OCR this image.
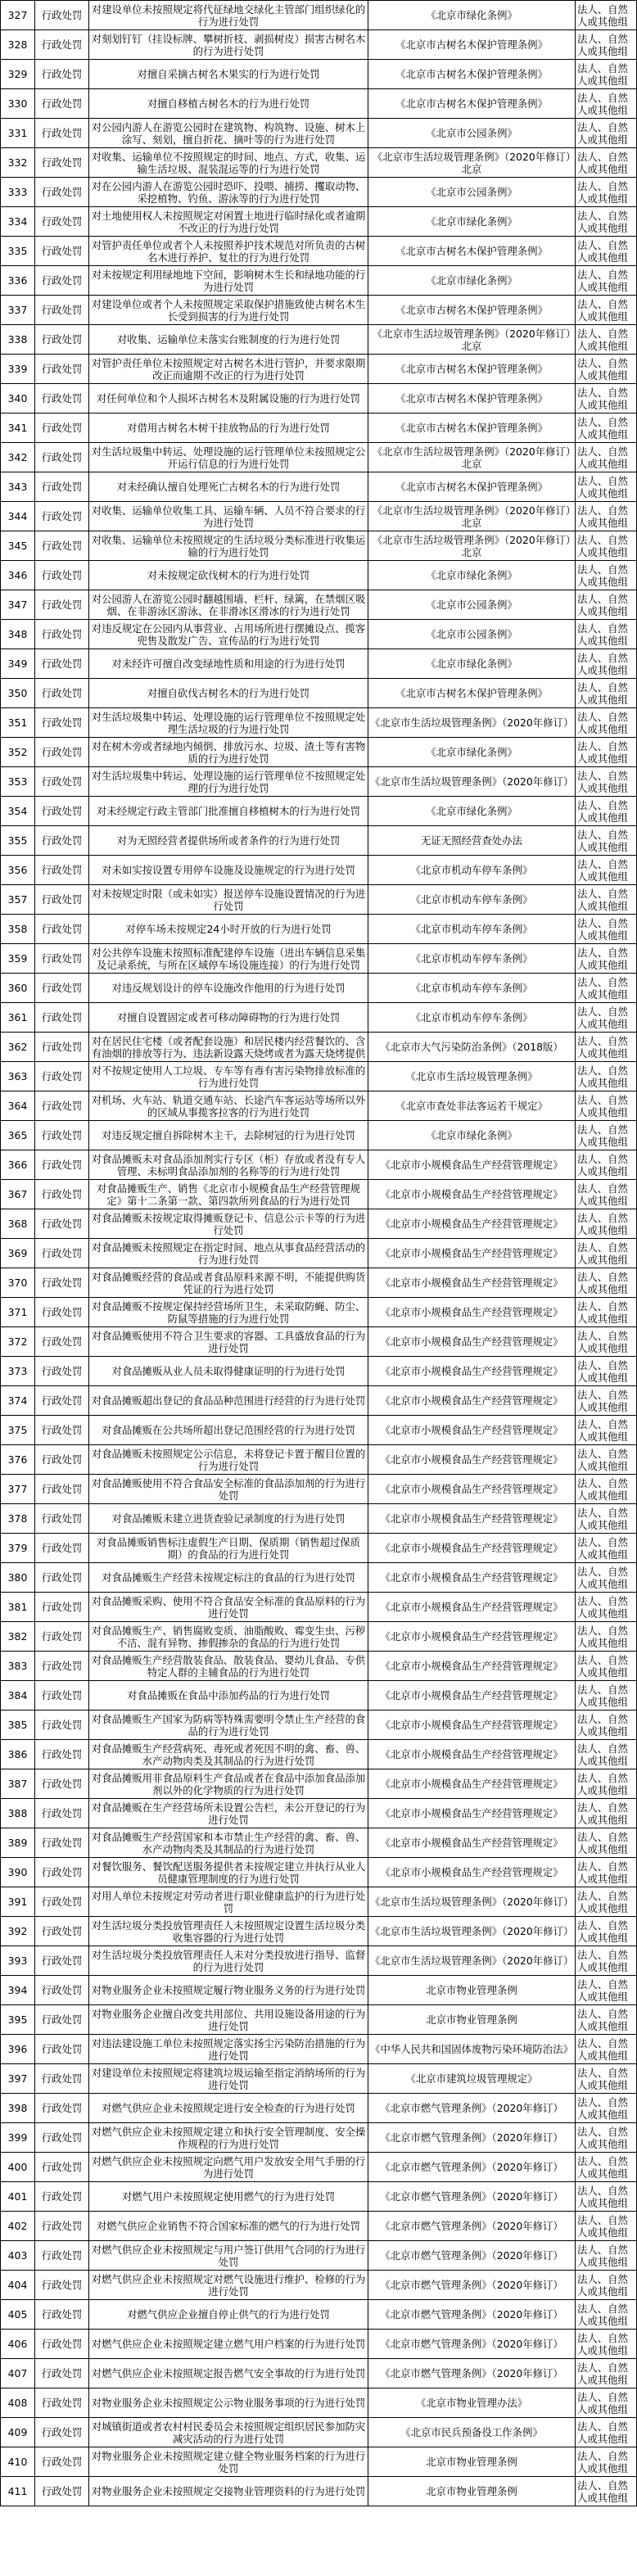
327	行政处罚	对建设单位未按照规定将代征绿地交绿化主管部门组织绿化的行为进行处罚	《北京市绿化条例》	法人、自然人或其他组

328	行政处罚	对刻划钉钉（挂设标牌、攀树折枝、剥损树皮）损害古树名木的行为进行处罚	《北京市古树名木保护管理条例》	法人、自然人或其他组

329	行政处罚	对擅自采摘古树名木果实的行为进行处罚	《北京市古树名木保护管理条例》	法人、自然人或其他组

330	行政处罚	对擅自移植古树名木的行为进行处罚	《北京市古树名木保护管理条例》	法人、自然人或其他组

331	行政处罚	对公园内游人在游览公园时在建筑物、构筑物、设施、树木上涂写、刻划，擅自折花、摘叶等的行为进行处罚	《北京市公园条例》	法人、自然人或其他组

332	行政处罚	对收集、运输单位不按照规定的时间、地点、方式，收集、运输生活垃圾、混装混运等的行为进行处罚	《北京市生活垃圾管理条例》（2020年修订）北京	法人、自然人或其他组

333	行政处罚	对在公园内游人在游览公园时恐吓、投喂、捕捞、攫取动物、采挖植物、钓鱼、游泳等的行为进行处罚	《北京市公园条例》	法人、自然人或其他组

334	行政处罚	对土地使用权人未按照规定对闲置土地进行临时绿化或者逾期不改正的行为进行处罚	《北京市绿化条例》	法人、自然人或其他组

335	行政处罚	对管护责任单位或者个人未按照养护技术规范对所负责的古树名木进行养护、复壮的行为进行处罚	《北京市古树名木保护管理条例》	法人、自然人或其他组

336	行政处罚	对未按规定利用绿地地下空间，影响树木生长和绿地功能的行为进行处罚	《北京市绿化条例》	法人、自然人或其他组

337	行政处罚	对建设单位或者个人未按照规定采取保护措施致使古树名木生长受到损害的行为进行处罚	《北京市古树名木保护管理条例》	法人、自然人或其他组

338	行政处罚	对收集、运输单位未落实台账制度的行为进行处罚	《北京市生活垃圾管理条例》（2020年修订）北京	法人、自然人或其他组

339	行政处罚	对管护责任单位未按照规定对古树名木进行管护，并要求限期改正而逾期不改正的行为进行处罚	《北京市古树名木保护管理条例》	法人、自然人或其他组

340	行政处罚	对任何单位和个人损坏古树名木及附属设施的行为进行处罚	《北京市古树名木保护管理条例》	法人、自然人或其他组

341	行政处罚	对借用古树名木树干挂放物品的行为进行处罚	《北京市古树名木保护管理条例》	法人、自然人或其他组

342	行政处罚	对生活垃圾集中转运、处理设施的运行管理单位未按照规定公开运行信息的行为进行处罚	《北京市生活垃圾管理条例》（2020年修订）北京	法人、自然人或其他组

343	行政处罚	对未经确认擅自处理死亡古树名木的行为进行处罚	《北京市古树名木保护管理条例》	法人、自然人或其他组

344	行政处罚	对收集、运输单位收集工具、运输车辆、人员不符合要求的行为进行处罚	《北京市生活垃圾管理条例》（2020年修订）北京	法人、自然人或其他组

345	行政处罚	对收集、运输单位未按照规定的生活垃圾分类标准进行收集运输的行为进行处罚	《北京市生活垃圾管理条例》（2020年修订）北京	法人、自然人或其他组

346	行政处罚	对未按规定砍伐树木的行为进行处罚	《北京市绿化条例》	法人、自然人或其他组

347	行政处罚	对公园游人在游览公园时翻越围墙、栏杆、绿篱，在禁烟区吸烟、在非游泳区游泳、在非滑冰区滑冰的行为进行处罚	《北京市公园条例》	法人、自然人或其他组

348	行政处罚	对违反规定在公园内从事营业、占用场所进行摆摊设点、揽客兜售及散发广告、宣传品的行为进行处罚	《北京市公园条例》	法人、自然人或其他组

349	行政处罚	对未经许可擅自改变绿地性质和用途的行为进行处罚	《北京市绿化条例》	法人、自然人或其他组

350	行政处罚	对擅自砍伐古树名木的行为进行处罚	《北京市古树名木保护管理条例》	法人、自然人或其他组

351	行政处罚	对生活垃圾集中转运、处理设施的运行管理单位不按照规定处理生活垃圾的行为进行处罚	《北京市生活垃圾管理条例》（2020年修订）	法人、自然人或其他组

352	行政处罚	对在树木旁或者绿地内倾倒、排放污水、垃圾、渣土等有害物质的行为进行处罚	《北京市绿化条例》	法人、自然人或其他组

353	行政处罚	对生活垃圾集中转运、处理设施的运行管理单位不按照规定处理的行为进行处罚	《北京市生活垃圾管理条例》（2020年修订）	法人、自然人或其他组

354	行政处罚	对未经规定行政主管部门批准擅自移植树木的行为进行处罚	《北京市绿化条例》	法人、自然人或其他组

355	行政处罚	对为无照经营者提供场所或者条件的行为进行处罚	无证无照经营查处办法	法人、自然人或其他组

356	行政处罚	对未如实按设置专用停车设施及设施规定的行为进行处罚	《北京市机动车停车条例》	法人、自然人或其他组

357	行政处罚	对未按规定时限（或未如实）报送停车设施设置情况的行为进行处罚	《北京市机动车停车条例》	法人、自然人或其他组

358	行政处罚	对停车场未按规定24小时开放的行为进行处罚	《北京市机动车停车条例》	法人、自然人或其他组

359	行政处罚	对公共停车设施未按照标准配建停车设施（进出车辆信息采集及记录系统，与所在区域停车场设施连接）的行为进行处罚	《北京市机动车停车条例》	法人、自然人或其他组

360	行政处罚	对违反规划设计的停车设施改作他用的行为进行处罚	《北京市机动车停车条例》	法人、自然人或其他组

361	行政处罚	对擅自设置固定或者可移动障碍物的行为进行处罚	《北京市机动车停车条例》	法人、自然人或其他组

362	行政处罚	对在居民住宅楼（或者配套设施）和居民楼内经营餐饮的、含有油烟的排放等行为、违法新设露天烧烤或者为露天烧烤提供	《北京市大气污染防治条例》（2018版）	法人、自然人或其他组

363	行政处罚	对不按规定使用人工垃圾、专车等有毒有害污染物排放标准的行为进行处罚	《北京市生活垃圾管理条例》	法人、自然人或其他组

364	行政处罚	对机场、火车站、轨道交通车站、长途汽车客运站等场所以外的区域从事揽客拉客的行为进行处罚	《北京市查处非法客运若干规定》	法人、自然人或其他组

365	行政处罚	对违反规定擅自拆除树木主干，去除树冠的行为进行处罚	《北京市绿化条例》	法人、自然人或其他组

366	行政处罚	对食品摊贩未对食品添加剂实行专区（柜）存放或者没有专人管理、未标明食品添加剂的名称等的行为进行处罚	《北京市小规模食品生产经营管理规定》	法人、自然人或其他组

367	行政处罚	对食品摊贩生产、销售《北京市小规模食品生产经营管理规定》第十二条第一款、第四款所列食品的行为进行处罚	《北京市小规模食品生产经营管理规定》	法人、自然人或其他组

368	行政处罚	对食品摊贩未按规定取得摊贩登记卡、信息公示卡等的行为进行处罚	《北京市小规模食品生产经营管理规定》	法人、自然人或其他组

369	行政处罚	对食品摊贩未按照规定在指定时间、地点从事食品经营活动的行为进行处罚	《北京市小规模食品生产经营管理规定》	法人、自然人或其他组

370	行政处罚	对食品摊贩经营的食品或者食品原料来源不明，不能提供购货凭证的行为进行处罚	《北京市小规模食品生产经营管理规定》	法人、自然人或其他组

371	行政处罚	对食品摊贩不按规定保持经营场所卫生，未采取防蝇、防尘、防鼠等措施的行为进行处罚	《北京市小规模食品生产经营管理规定》	法人、自然人或其他组

372	行政处罚	对食品摊贩使用不符合卫生要求的容器、工具盛放食品的行为进行处罚	《北京市小规模食品生产经营管理规定》	法人、自然人或其他组

373	行政处罚	对食品摊贩从业人员未取得健康证明的行为进行处罚	《北京市小规模食品生产经营管理规定》	法人、自然人或其他组

374	行政处罚	对食品摊贩超出登记的食品品种范围进行经营的行为进行处罚	《北京市小规模食品生产经营管理规定》	法人、自然人或其他组

375	行政处罚	对食品摊贩在公共场所超出登记范围经营的行为进行处罚	《北京市小规模食品生产经营管理规定》	法人、自然人或其他组

376	行政处罚	对食品摊贩未按照规定公示信息，未将登记卡置于醒目位置的行为进行处罚	《北京市小规模食品生产经营管理规定》	法人、自然人或其他组

377	行政处罚	对食品摊贩使用不符合食品安全标准的食品添加剂的行为进行处罚	《北京市小规模食品生产经营管理规定》	法人、自然人或其他组

378	行政处罚	对食品摊贩未建立进货查验记录制度的行为进行处罚	《北京市小规模食品生产经营管理规定》	法人、自然人或其他组

379	行政处罚	对食品摊贩销售标注虚假生产日期、保质期（销售超过保质期）的食品的行为进行处罚	《北京市小规模食品生产经营管理规定》	法人、自然人或其他组

380	行政处罚	对食品摊贩生产经营未按规定标注的食品的行为进行处罚	《北京市小规模食品生产经营管理规定》	法人、自然人或其他组

381	行政处罚	对食品摊贩采购、使用不符合食品安全标准的食品原料的行为进行处罚	《北京市小规模食品生产经营管理规定》	法人、自然人或其他组

382	行政处罚	对食品摊贩生产、销售腐败变质、油脂酸败、霉变生虫、污秽不洁、混有异物、掺假掺杂的食品的行为进行处罚	《北京市小规模食品生产经营管理规定》	法人、自然人或其他组

383	行政处罚	对食品摊贩生产经营散装食品、散装食品、婴幼儿食品、专供特定人群的主辅食品的行为进行处罚	《北京市小规模食品生产经营管理规定》	法人、自然人或其他组

384	行政处罚	对食品摊贩在食品中添加药品的行为进行处罚	《北京市小规模食品生产经营管理规定》	法人、自然人或其他组

385	行政处罚	对食品摊贩生产国家为防病等特殊需要明令禁止生产经营的食品的行为进行处罚	《北京市小规模食品生产经营管理规定》	法人、自然人或其他组

386	行政处罚	对食品摊贩生产经营病死、毒死或者死因不明的禽、畜、兽、水产动物肉类及其制品的行为进行处罚	《北京市小规模食品生产经营管理规定》	法人、自然人或其他组

387	行政处罚	对食品摊贩用非食品原料生产食品或者在食品中添加食品添加剂以外的化学物质的行为进行处罚	《北京市小规模食品生产经营管理规定》	法人、自然人或其他组

388	行政处罚	对食品摊贩在生产经营场所未设置公告栏，未公开登记的行为进行处罚	《北京市小规模食品生产经营管理规定》	法人、自然人或其他组

389	行政处罚	对食品摊贩生产经营国家和本市禁止生产经营的禽、畜、兽、水产动物肉类及其制品的行为进行处罚	《北京市小规模食品生产经营管理规定》	法人、自然人或其他组

390	行政处罚	对餐饮服务、餐饮配送服务提供者未按规定建立并执行从业人员健康管理制度的行为进行处罚	《北京市小规模食品生产经营管理规定》	法人、自然人或其他组

391	行政处罚	对用人单位未按规定对劳动者进行职业健康监护的行为进行处罚	《北京市生活垃圾管理条例》（2020年修订）	法人、自然人或其他组

392	行政处罚	对生活垃圾分类投放管理责任人未按照规定设置生活垃圾分类收集容器的行为进行处罚	《北京市生活垃圾管理条例》（2020年修订）	法人、自然人或其他组

393	行政处罚	对生活垃圾分类投放管理责任人未对分类投放进行指导、监督的行为进行处罚	《北京市生活垃圾管理条例》（2020年修订）	法人、自然人或其他组

394	行政处罚	对物业服务企业未按照规定履行物业服务义务的行为进行处罚	北京市物业管理条例	法人、自然人或其他组

395	行政处罚	对物业服务企业擅自改变共用部位、共用设施设备用途的行为进行处罚	北京市物业管理条例	法人、自然人或其他组

396	行政处罚	对违法建设施工单位未按照规定落实扬尘污染防治措施的行为进行处罚	《中华人民共和国固体废物污染环境防治法》	法人、自然人或其他组

397	行政处罚	对建设单位未按照规定将建筑垃圾运输至指定消纳场所的行为进行处罚	《北京市建筑垃圾管理规定》	法人、自然人或其他组

398	行政处罚	对燃气供应企业未按照规定进行安全检查的行为进行处罚	《北京市燃气管理条例》（2020年修订）	法人、自然人或其他组

399	行政处罚	对燃气供应企业未按照规定建立和执行安全管理制度、安全操作规程的行为进行处罚	《北京市燃气管理条例》（2020年修订）	法人、自然人或其他组

400	行政处罚	对燃气供应企业未按照规定向燃气用户发放安全用气手册的行为进行处罚	《北京市燃气管理条例》（2020年修订）	法人、自然人或其他组

401	行政处罚	对燃气用户未按照规定使用燃气的行为进行处罚	《北京市燃气管理条例》（2020年修订）	法人、自然人或其他组

402	行政处罚	对燃气供应企业销售不符合国家标准的燃气的行为进行处罚	《北京市燃气管理条例》（2020年修订）	法人、自然人或其他组

403	行政处罚	对燃气供应企业未按照规定与用户签订供用气合同的行为进行处罚	《北京市燃气管理条例》（2020年修订）	法人、自然人或其他组

404	行政处罚	对燃气供应企业未按照规定对燃气设施进行维护、检修的行为进行处罚	《北京市燃气管理条例》（2020年修订）	法人、自然人或其他组

405	行政处罚	对燃气供应企业擅自停止供气的行为进行处罚	《北京市燃气管理条例》（2020年修订）	法人、自然人或其他组

406	行政处罚	对燃气供应企业未按照规定建立燃气用户档案的行为进行处罚	《北京市燃气管理条例》（2020年修订）	法人、自然人或其他组

407	行政处罚	对燃气供应企业未按照规定报告燃气安全事故的行为进行处罚	《北京市燃气管理条例》（2020年修订）	法人、自然人或其他组

408	行政处罚	对物业服务企业未按照规定公示物业服务事项的行为进行处罚	《北京市物业管理办法》	法人、自然人或其他组

409	行政处罚	对城镇街道或者农村村民委员会未按照规定组织居民参加防灾减灾活动的行为进行处罚	《北京市民兵预备役工作条例》	法人、自然人或其他组

410	行政处罚	对物业服务企业未按照规定建立健全物业服务档案的行为进行处罚	北京市物业管理条例	法人、自然人或其他组

411	行政处罚	对物业服务企业未按照规定交接物业管理资料的行为进行处罚	北京市物业管理条例	法人、自然人或其他组
